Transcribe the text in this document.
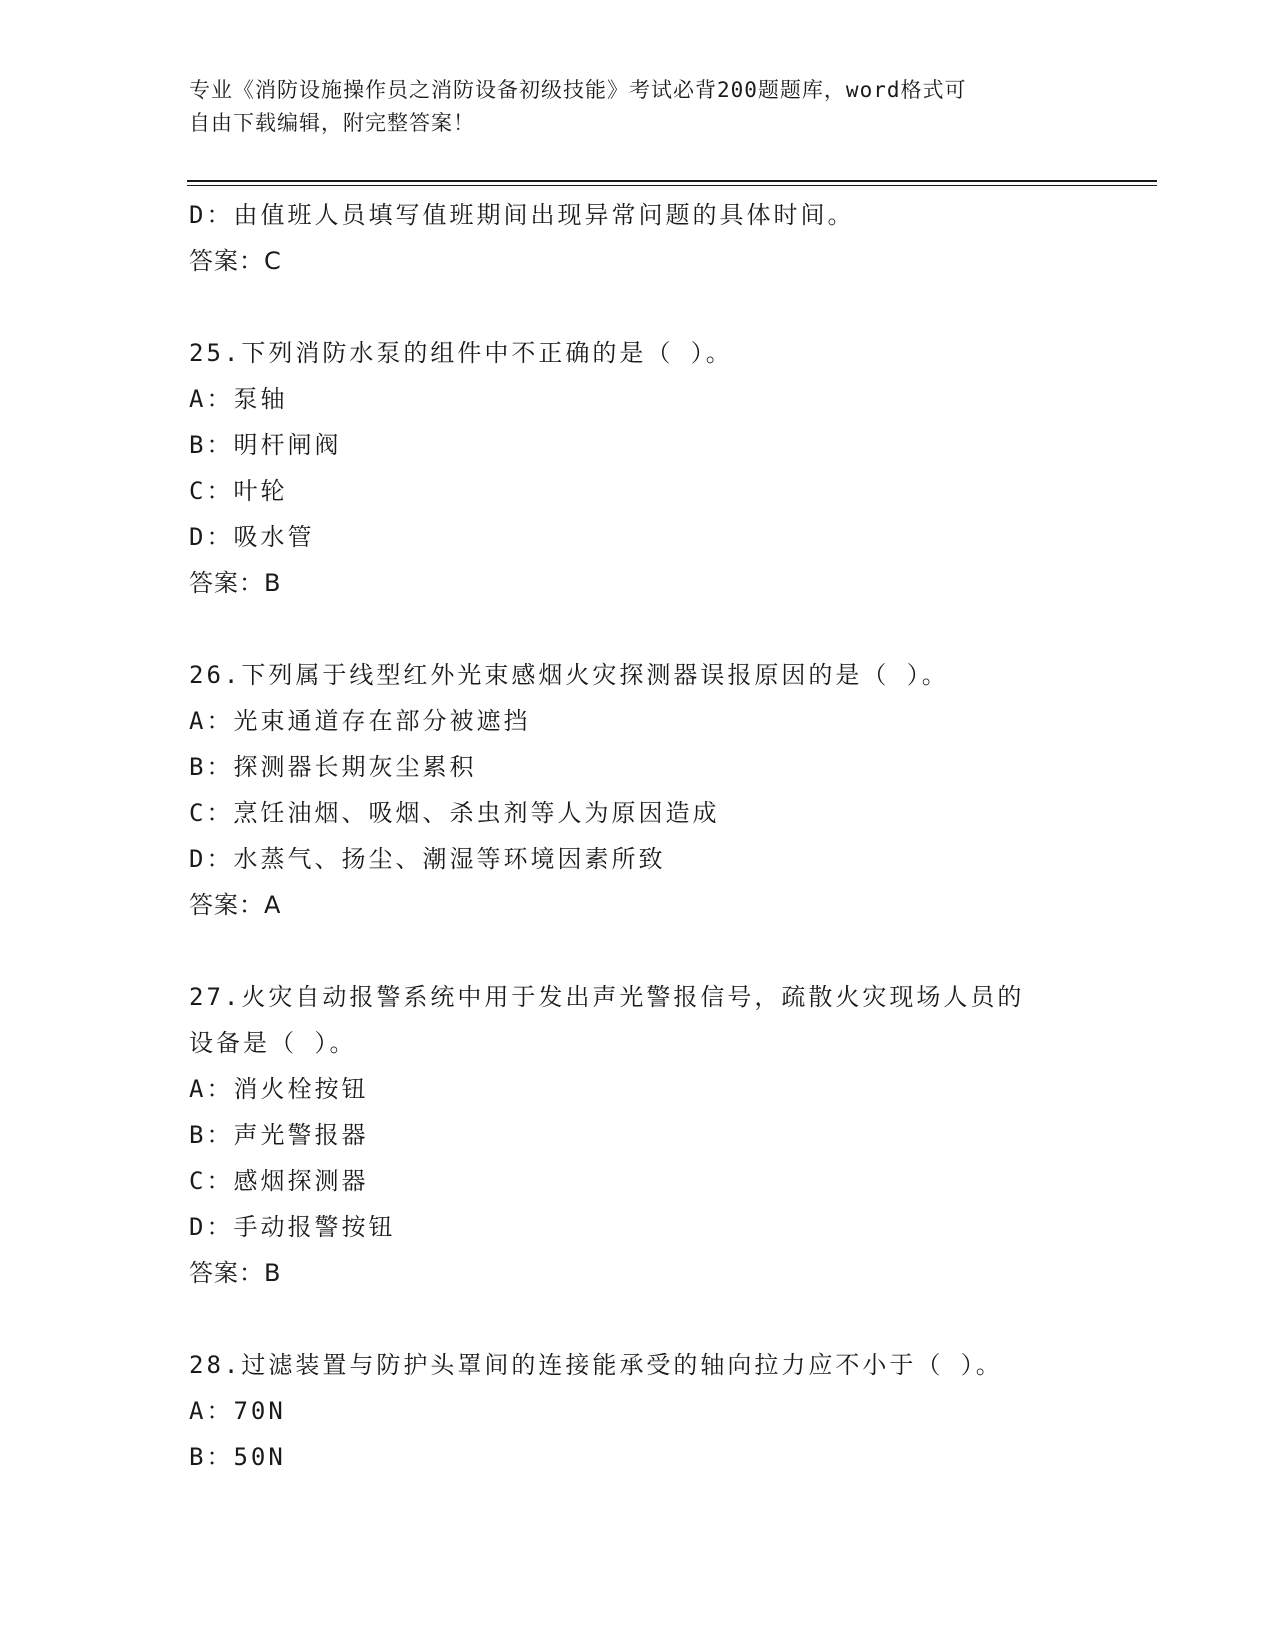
专业《消防设施操作员之消防设备初级技能》考试必背200题题库，word格式可
自由下载编辑，附完整答案！
D：由值班人员填写值班期间出现异常问题的具体时间。
答案：C
25.下列消防水泵的组件中不正确的是（ ）。
A：泵轴
B：明杆闸阀
C：叶轮
D：吸水管
答案：B
26.下列属于线型红外光束感烟火灾探测器误报原因的是（ ）。
A：光束通道存在部分被遮挡
B：探测器长期灰尘累积
C：烹饪油烟、吸烟、杀虫剂等人为原因造成
D：水蒸气、扬尘、潮湿等环境因素所致
答案：A
27.火灾自动报警系统中用于发出声光警报信号，疏散火灾现场人员的
设备是（ ）。
A：消火栓按钮
B：声光警报器
C：感烟探测器
D：手动报警按钮
答案：B
28.过滤装置与防护头罩间的连接能承受的轴向拉力应不小于（ ）。
A：70N
B：50N
